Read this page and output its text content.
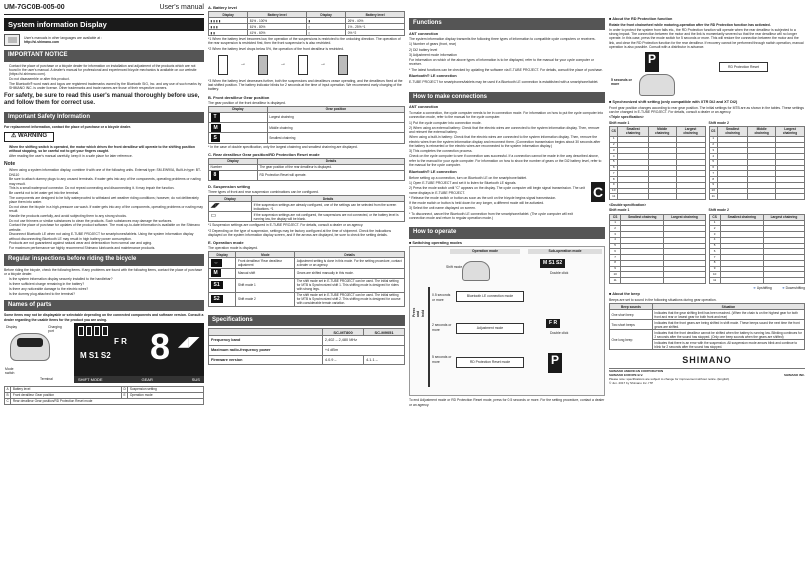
UM-7GC0B-005-00	User's manual
System information Display
User's manuals in other languages are available at :
http://si.shimano.com
IMPORTANT NOTICE
• Contact the place of purchase or a bicycle dealer for information on installation and adjustment of the products which are not found in the user's manual. A dealer's manual for professional and experienced bicycle mechanics is available on our website (https://si.shimano.com).
• Do not disassemble or alter this product.
• The Bluetooth® word mark and logos are registered trademarks owned by the Bluetooth SIG, Inc. and any use of such marks by SHIMANO INC. is under license. Other trademarks and trade names are those of their respective owners.
For safety, be sure to read this user's manual thoroughly before use, and follow them for correct use.
Important Safety Information

For replacement information, contact the place of purchase or a bicycle dealer.

⚠ WARNING
• When the shifting switch is operated, the motor which drives the front derailleur will operate to the shifting position without stopping, so be careful not to get your fingers caught.
• After reading the user's manual carefully, keep it in a safe place for later reference.
Note
• When using a system information display, combine it with one of the following units. External type: SM-EW90A, Built-in type: BT-DN110
• Be sure to attach dummy plugs to any unused terminals. If water gets into any of the components, operating problems or rusting may result.
• This is a small waterproof connector. Do not repeat connecting and disconnecting it. It may impair the function.
• Be careful not to let water get into the terminal.
• The components are designed to be fully waterproofed to withstand wet weather riding conditions; however, do not deliberately place them into water.
• Do not clean the bicycle in a high-pressure car wash. If water gets into any of the components, operating problems or rusting may result.
• Handle the products carefully, and avoid subjecting them to any strong shocks.
• Do not use thinners or similar substances to clean the products. Such substances may damage the surfaces.
• Contact the place of purchase for updates of the product software. The most up-to-date information is available on the Shimano website.
• Disconnect Bluetooth LE when not using E-TUBE PROJECT for smartphones/tablets. Using the system information display without disconnecting Bluetooth LE may result in high battery power consumption.
• Products are not guaranteed against natural wear and deterioration from normal use and aging.
• For maximum performance we highly recommend Shimano lubricants and maintenance products.
Regular inspections before riding the bicycle

Before riding the bicycle, check the following items. If any problems are found with the following items, contact the place of purchase or a bicycle dealer.

• Is the system information display securely installed to the handlebar?
• Is there sufficient charge remaining in the battery?
• Is there any noticeable damage to the electric wires?
• Is the dummy plug attached to the terminal?
Names of parts

Some items may not be displayable or selectable depending on the connected components and software version. Consult a dealer regarding the usable items for the product you are using.

Display	Charging port
Mode switch
Terminal
F R
M S1 S2 8 ◢◤
SHIFT MODE	GEAR	SUS
A	Battery level	D	Suspension setting
B	Front derailleur Gear position	E	Operation mode
C	Rear derailleur Gear position/RD Protection Reset mode		
A. Battery level
Display	Battery level	Display	Battery level
▮▮▮▮	81% - 100%	▮	26% - 40%
▮▮▮	61% - 80%	▯	1% - 25% *1
▮▮	41% - 60%	▯	0% *2

*1 When the battery level becomes low, the operation of the suspensions is restricted to the unlocking direction. The operation of the rear suspension is restricted first, then the front suspension's is also restricted.

*2 When the battery level drops below 5%, the operation of the front derailleur is restricted.

→	→	→

*3 When the battery level decreases further, both the suspensions and derailleurs cease operating, and the derailleurs fixed at the last shifted position. The battery indicator blinks for 2 seconds at the time of input operation. We recommend early charging of the battery.

B. Front derailleur Gear position

The gear position of the front derailleur is displayed.

Display	Gear position
T	Largest chainring
M	Middle chainring
S	Smallest chainring

* In the case of double specification, only the largest chainring and smallest chainring are displayed.

C. Rear derailleur Gear position/RD Protection Reset mode
Display	Details
Number	The gear position of the rear derailleur is displayed.
8	RD Protection Reset will operate.
D. Suspension setting

Three types of front and rear suspension combinations can be configured.

Display	Details
◢◤	If the suspension settings are already configured, one of the settings can be selected from the screen indications. *1
▭	If the suspension settings are not configured, the suspensions are not connected, or the battery level is running low, the display will be blank.

*1 Suspension settings are configured in E-TUBE PROJECT. For details, consult a dealer or an agency.

*2 Depending on the type of suspension, settings may be factory configured at the time of shipment. Check the indications displayed on the system information display screen, and if the arrows are displayed, be sure to check the setting details.

E. Operation mode

The operation mode is displayed.

Display	Mode	Details
⇔	Front derailleur/ Rear derailleur adjustment	Adjustment setting is done in this mode. For the setting procedure, contact a dealer or an agency.
M	Manual shift	Gears are shifted manually in this mode.
S1	Shift mode 1	The shift mode set in E-TUBE PROJECT can be used. The initial setting for MTB is Synchronized shift 1. This shifting mode is designed for riders with strong legs.
S2	Shift mode 2	The shift mode set in E-TUBE PROJECT can be used. The initial setting for MTB is Synchronized shift 2. This shifting mode is designed for course with considerable terrain variation.
Specifications
	SC-MT800	SC-M9051
Frequency band	2,402 – 2,480 MHz	
Maximum radio-frequency power	+4 dBm	
Firmware version	4.0.9 –	4.1.1 –
Functions
ANT connection

The system information display transmits the following three types of information to compatible cycle computers or receivers.

1) Number of gears (front, rear)

2) Di2 battery level

3) Adjustment mode information

For information on which of the above types of information is to be displayed, refer to the manual for your cycle computer or receiver.

* The latest functions can be checked by updating the software via E-TUBE PROJECT. For details, consult the place of purchase.

Bluetooth® LE connection

E-TUBE PROJECT for smartphones/tablets may be used if a Bluetooth LE connection is established with a smartphone/tablet.

How to make connections
ANT connection

To make a connection, the cycle computer needs to be in connection mode. For information on how to put the cycle computer into connection mode, refer to the manual for the cycle computer.

1) Put the cycle computer into connection mode.

2) When using an external battery: Check that the electric wires are connected to the system information display. Then, remove and reinsert the external battery.

When using a built-in battery: Check that the electric wires are connected to the system information display. Then, remove the electric wires from the system information display and reconnect them. (Connection transmission begins about 30 seconds after the battery is reinserted or the electric wires are reconnected to the system information display.)

3) This completes the connection process.

Check on the cycle computer to see if connection was successful. If a connection cannot be made in the way described above, refer to the manual for your cycle computer. For information on how to show the number of gears or the Di2 battery level, refer to the manual for the cycle computer.

Bluetooth® LE connection

Before setting up a connection, turn on Bluetooth LE on the smartphone/tablet.

1) Open E-TUBE PROJECT and set it to listen for Bluetooth LE signals.

2) Press the mode switch until "C" appears on the display. The cycle computer will begin signal transmission. The unit name displays in E-TUBE PROJECT.

* Release the mode switch or button as soon as the unit on the bicycle begins signal transmission.

If the mode switch or button is held down for any longer, a different mode will be activated.

3) Select the unit name displayed on screen.

* To disconnect, cancel the Bluetooth LE connection from the smartphone/tablet. (The cycle computer will exit connection mode and return to regular operation mode.)

C
How to operate
■ Switching operating modes
Operation mode	Sub-operation mode
Shift mode
M S1 S2
Double click
Press and hold
0.5 seconds or more
Bluetooth LE connection mode
2 seconds or more	Adjustment mode
F R
Double click
5 seconds or more	RD Protection Reset mode	P

To end Adjustment mode or RD Protection Reset mode, press for 0.5 seconds or more. For the setting procedure, contact a dealer or an agency.

■ About the RD Protection function

Rotate the front chainwheel while motoring-operation after the RD Protection function has activated.

In order to protect the system from falls etc., the RD Protection function will operate when the rear derailleur is subjected to a strong impact. The connection between the motor and the link is momentarily severed so that the rear derailleur will no longer operate. In this case, press the mode switch for 5 seconds or more. This will restore the connection between the motor and the link, and clear the RD Protection function for the rear derailleur. If recovery cannot be performed through switch operation, manual operation is also possible. Consult with a distributor in advance.

P
5 seconds or more
RD Protection Reset
■ Synchronized shift setting (only compatible with XTR Di2 and XT Di2)

Front gear position changes according to rear gear position. The initial settings for MTB are as shown in the tables. These settings can be changed in E-TUBE PROJECT. For details, consult a dealer or an agency.

<Triple specification>

Shift mode 1
CS	Smallest chainring	Middle chainring	Largest chainring
1			
2			
3			
4			
5			
6			
7			
8			
9			
10			
11			
Shift mode 2
CS	Smallest chainring	Middle chainring	Largest chainring
1			
2			
3			
4			
5			
6			
7			
8			
9			
10			
11			

<Double specification>

Shift mode 1
CS	Smallest chainring	Largest chainring
1		
2		
3		
4		
5		
6		
7		
8		
9		
10		
11		
Shift mode 2
CS	Smallest chainring	Largest chainring
1		
2		
3		
4		
5		
6		
7		
8		
9		
10		
11		
➜ Upshifting	➜ Downshifting
■ About the beep

Beeps are set to sound in the following situations during gear operation.

Beep sounds	Situation
One short beep	Indicates that the gear shifting limit has been reached. (When the chain is on the highest gear for both front and rear or lowest gear for both front and rear)
Two short beeps	Indicates that the front gears are being shifted in shift mode. These beeps sound the next time the front gears are shifted.
One long beep	Indicates that the front derailleur cannot be shifted when the battery is running low. Blinking continues for 2 seconds after the sound has stopped. (Only one beep sounds when the gears are shifted)
	Indicates that there is an error with the suspension. All suspension mode arrows blink and continue to blink for 2 seconds after the sound has stopped.
SHIMANO
SHIMANO AMERICAN CORPORATION
SHIMANO EUROPE B.V.	SHIMANO INC.
Please note: specifications are subject to change for improvement without notice. (English)
© Jun. 2017 by Shimano Inc. ITP
